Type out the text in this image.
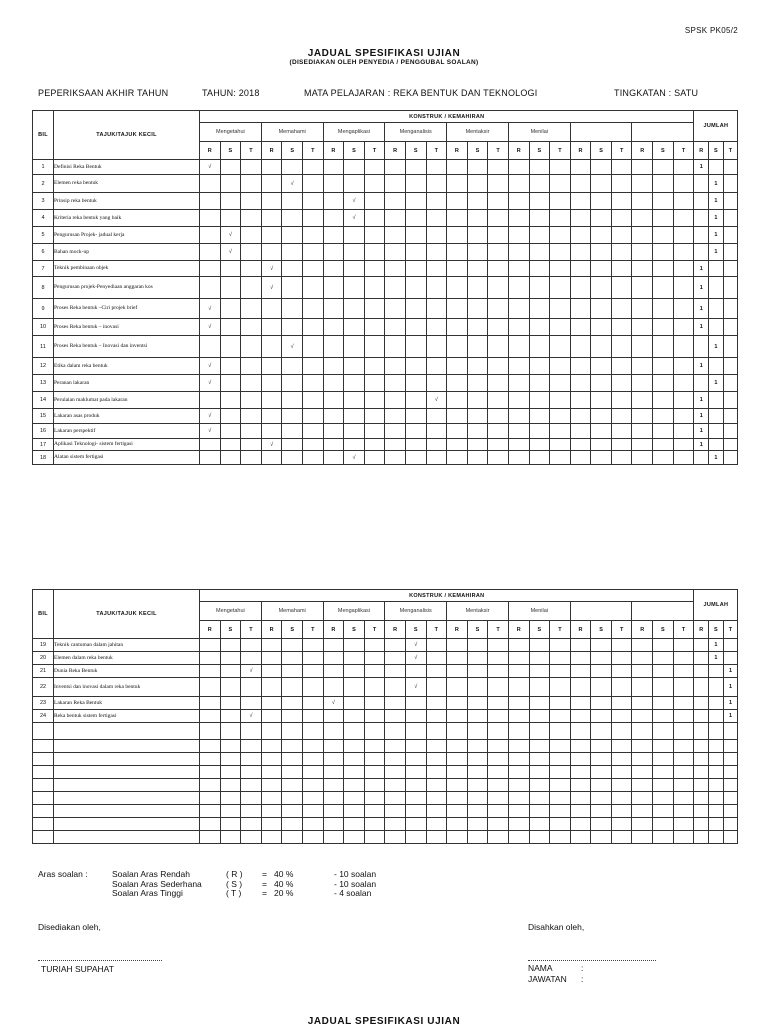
SPSK PK05/2
JADUAL SPESIFIKASI UJIAN
(DISEDIAKAN OLEH PENYEDIA / PENGGUBAL SOALAN)
PEPERIKSAAN AKHIR TAHUN	TAHUN: 2018	MATA PELAJARAN : REKA BENTUK DAN TEKNOLOGI	TINGKATAN : SATU
BIL	TAJUK/TAJUK KECIL	KONSTRUK / KEMAHIRAN																								JUMLAH		
		Mengetahui			Memahami			Mengaplikasi			Menganalisis			Mentaksir			Menilai											
		R	S	T	R	S	T	R	S	T	R	S	T	R	S	T	R	S	T	R	S	T	R	S	T	R	S	T
1	Definisi Reka Bentuk	√																								1		
2	Elemen reka bentuk					√																					1	
3	Prinsip reka bentuk								√																		1	
4	Kriteria reka bentuk yang baik								√																		1	
5	Pengurusan Projek- jadual kerja		√																								1	
6	Bahan mock-up		√																								1	
7	Teknik pembinaan objek				√																					1		
8	Pengurusan projek-Penyediaan anggaran kos				√																					1		
9	Proses Reka bentuk –Ciri projek brief	√																								1		
10	Proses Reka bentuk – inovasi	√																								1		
11	Proses Reka bentuk – Inovasi dan inventsi					√																					1	
12	Etika dalam reka bentuk	√																								1		
13	Peranan lakaran	√																									1	
14	Perulaian maklumat pada lakaran												√													1		
15	Lakaran asas produk	√																								1		
16	Lakaran perspektif	√																								1		
17	Aplikasi Teknologi- sistem fertigasi				√																					1		
18	Alatan sistem fertigasi								√																		1	
BIL	TAJUK/TAJUK KECIL	KONSTRUK / KEMAHIRAN																								JUMLAH		
		Mengetahui			Memahami			Mengaplikasi			Menganalisis			Mentaksir			Menilai											
		R	S	T	R	S	T	R	S	T	R	S	T	R	S	T	R	S	T	R	S	T	R	S	T	R	S	T
19	Teknik cantuman dalam jahitan											√															1	
20	Elemen dalam reka bentuk											√															1	
21	Dunia Reka Bentuk			√																								1
22	Inventsi dan inovasi dalam reka bentuk											√																1
23	Lakaran Reka Bentuk							√																				1
24	Reka bentuk sistem fertigasi			√																								1

Aras soalan :	Soalan Aras Rendah	( R ) = 40 %	- 10 soalan
Soalan Aras Sederhana	( S ) = 40 %	- 10 soalan
Soalan Aras Tinggi	( T ) = 20 %	- 4 soalan
Disediakan oleh,
TURIAH SUPAHAT
Disahkan oleh,
NAMA	:
JAWATAN :
JADUAL SPESIFIKASI UJIAN
